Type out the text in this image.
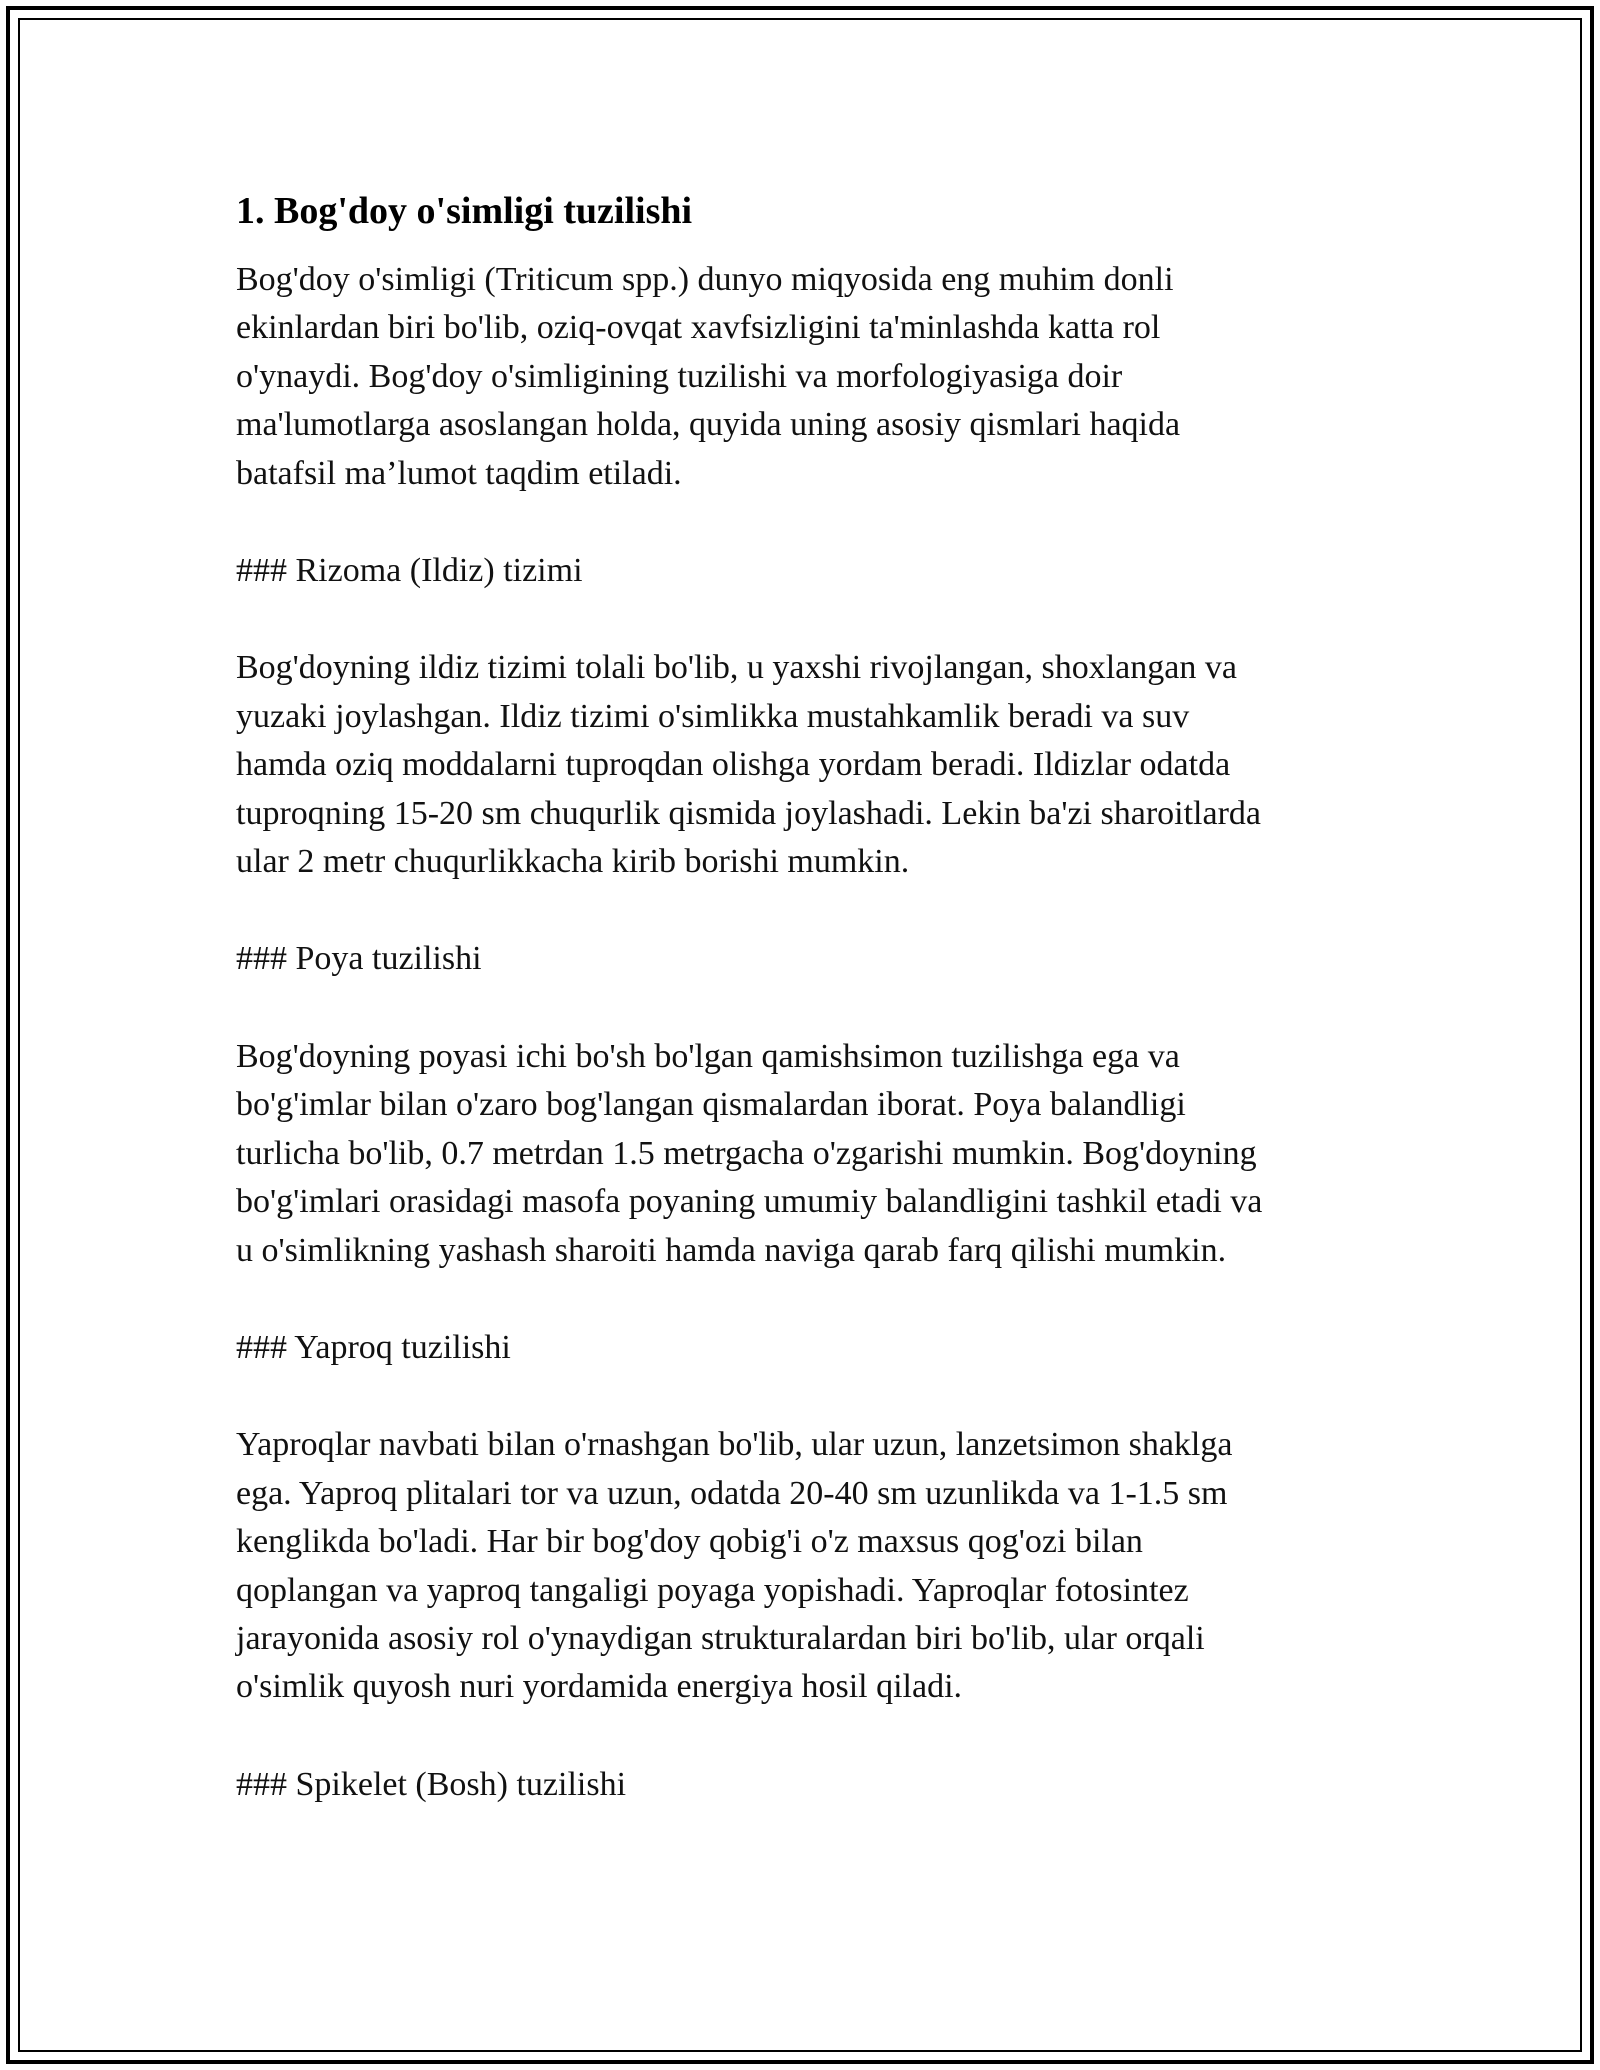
1. Bog'doy o'simligi tuzilishi

Bog'doy o'simligi (Triticum spp.) dunyo miqyosida eng muhim donli
ekinlardan biri bo'lib, oziq-ovqat xavfsizligini ta'minlashda katta rol
o'ynaydi. Bog'doy o'simligining tuzilishi va morfologiyasiga doir
ma'lumotlarga asoslangan holda, quyida uning asosiy qismlari haqida
batafsil ma’lumot taqdim etiladi.

### Rizoma (Ildiz) tizimi

Bog'doyning ildiz tizimi tolali bo'lib, u yaxshi rivojlangan, shoxlangan va
yuzaki joylashgan. Ildiz tizimi o'simlikka mustahkamlik beradi va suv
hamda oziq moddalarni tuproqdan olishga yordam beradi. Ildizlar odatda
tuproqning 15-20 sm chuqurlik qismida joylashadi. Lekin ba'zi sharoitlarda
ular 2 metr chuqurlikkacha kirib borishi mumkin.

### Poya tuzilishi

Bog'doyning poyasi ichi bo'sh bo'lgan qamishsimon tuzilishga ega va
bo'g'imlar bilan o'zaro bog'langan qismalardan iborat. Poya balandligi
turlicha bo'lib, 0.7 metrdan 1.5 metrgacha o'zgarishi mumkin. Bog'doyning
bo'g'imlari orasidagi masofa poyaning umumiy balandligini tashkil etadi va
u o'simlikning yashash sharoiti hamda naviga qarab farq qilishi mumkin.

### Yaproq tuzilishi

Yaproqlar navbati bilan o'rnashgan bo'lib, ular uzun, lanzetsimon shaklga
ega. Yaproq plitalari tor va uzun, odatda 20-40 sm uzunlikda va 1-1.5 sm
kenglikda bo'ladi. Har bir bog'doy qobig'i o'z maxsus qog'ozi bilan
qoplangan va yaproq tangaligi poyaga yopishadi. Yaproqlar fotosintez
jarayonida asosiy rol o'ynaydigan strukturalardan biri bo'lib, ular orqali
o'simlik quyosh nuri yordamida energiya hosil qiladi.

### Spikelet (Bosh) tuzilishi
